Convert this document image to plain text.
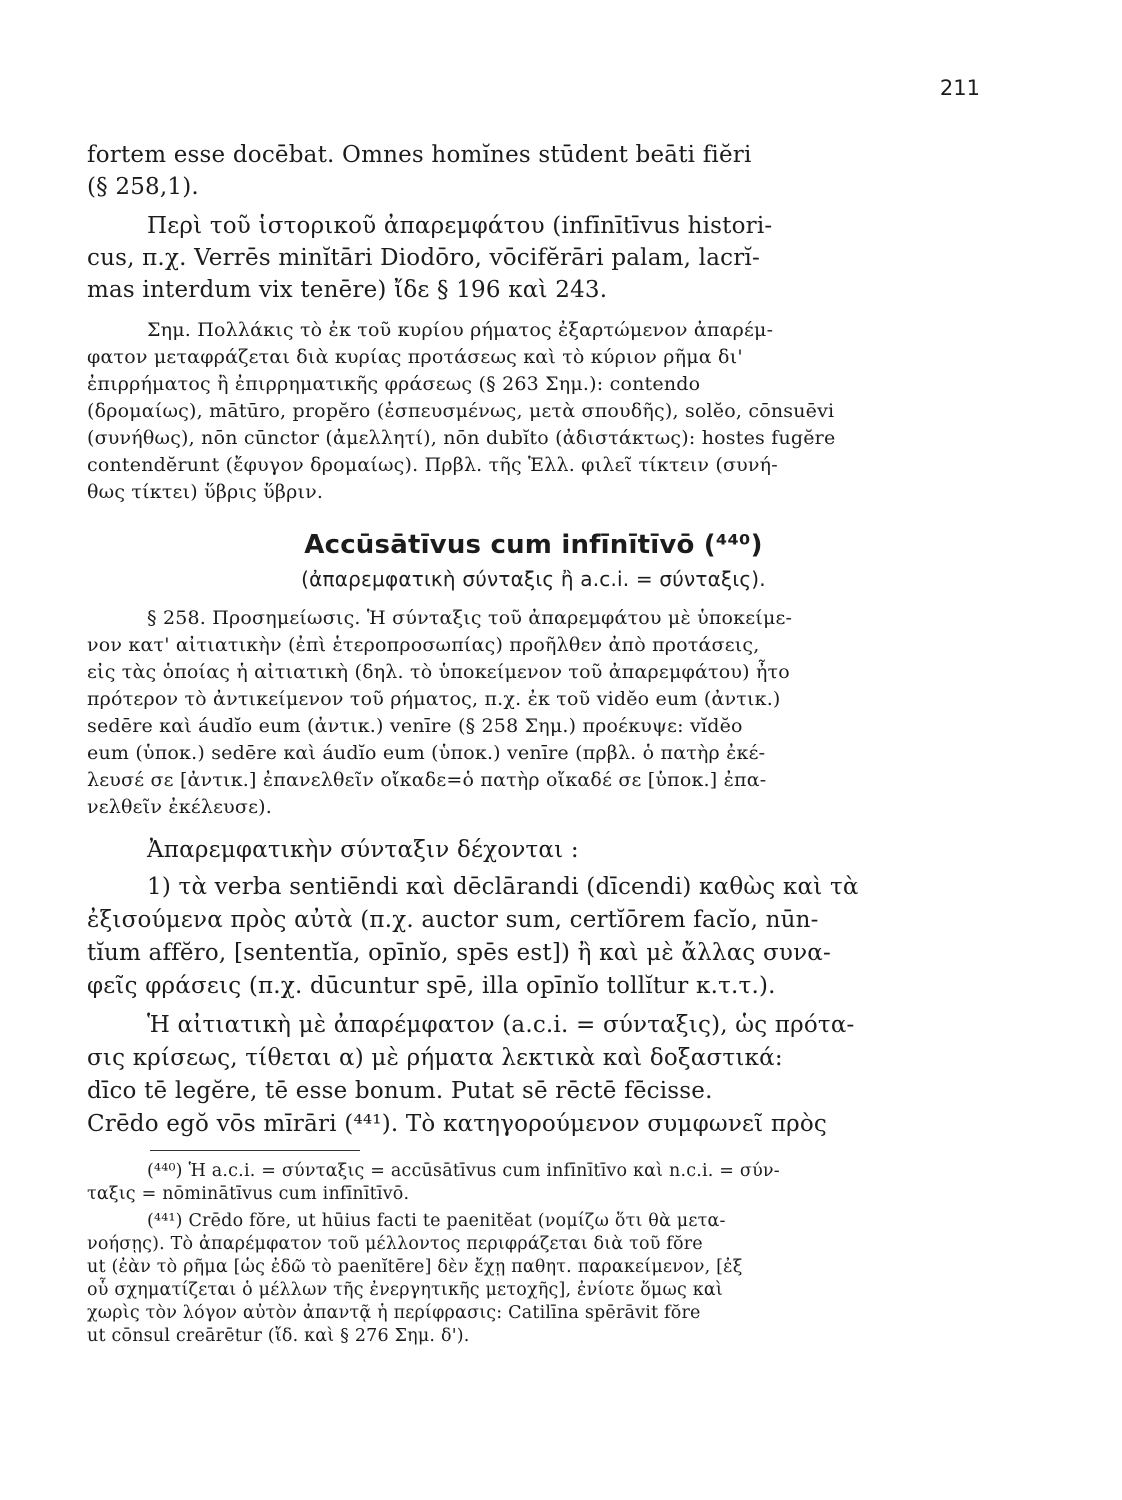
211
fortem esse docēbat. Omnes homĭnes stūdent beāti fiĕri
(§ 258,1).
Περὶ τοῦ ἱστορικοῦ ἀπαρεμφάτου (infīnītīvus histori-
cus, π.χ. Verrēs minĭtāri Diodōro, vōcifĕrāri palam, lacrĭ-
mas interdum vix tenēre) ἴδε § 196 καὶ 243.
Σημ. Πολλάκις τὸ ἐκ τοῦ κυρίου ρήματος ἐξαρτώμενον ἀπαρέμ-
φατον μεταφράζεται διὰ κυρίας προτάσεως καὶ τὸ κύριον ρῆμα δι'
ἐπιρρήματος ἢ ἐπιρρηματικῆς φράσεως (§ 263 Σημ.): contendo
(δρομαίως), mātūro, propĕro (ἐσπευσμένως, μετὰ σπουδῆς), solĕo, cōnsuēvi
(συνήθως), nōn cūnctor (ἀμελλητί), nōn dubĭto (ἀδιστάκτως): hostes fugĕre
contendĕrunt (ἔφυγον δρομαίως). Πρβλ. τῆς Ἑλλ. φιλεῖ τίκτειν (συνή-
θως τίκτει) ὕβρις ὕβριν.
Accūsātīvus cum infīnītīvō (⁴⁴⁰)
(ἀπαρεμφατικὴ σύνταξις ἢ a.c.i. = σύνταξις).
§ 258. Προσημείωσις. Ἡ σύνταξις τοῦ ἀπαρεμφάτου μὲ ὑποκείμε-
νον κατ' αἰτιατικὴν (ἐπὶ ἑτεροπροσωπίας) προῆλθεν ἀπὸ προτάσεις,
εἰς τὰς ὁποίας ἡ αἰτιατικὴ (δηλ. τὸ ὑποκείμενον τοῦ ἀπαρεμφάτου) ἦτο
πρότερον τὸ ἀντικείμενον τοῦ ρήματος, π.χ. ἐκ τοῦ vidĕo eum (ἀντικ.)
sedēre καὶ áudĭo eum (ἀντικ.) venīre (§ 258 Σημ.) προέκυψε: vĭdĕo
eum (ὑποκ.) sedēre καὶ áudĭo eum (ὑποκ.) venīre (πρβλ. ὁ πατὴρ ἐκέ-
λευσέ σε [ἀντικ.] ἐπανελθεῖν οἴκαδε=ὁ πατὴρ οἴκαδέ σε [ὑποκ.] ἐπα-
νελθεῖν ἐκέλευσε).
Ἀπαρεμφατικὴν σύνταξιν δέχονται :
1) τὰ verba sentiēndi καὶ dēclārandi (dīcendi) καθὼς καὶ τὰ
ἐξισούμενα πρὸς αὐτὰ (π.χ. auctor sum, certĭōrem facĭo, nūn-
tĭum affĕro, [sententĭa, opīnĭo, spēs est]) ἢ καὶ μὲ ἄλλας συνα-
φεῖς φράσεις (π.χ. dūcuntur spē, illa opīnĭo tollĭtur κ.τ.τ.).
Ἡ αἰτιατικὴ μὲ ἀπαρέμφατον (a.c.i. = σύνταξις), ὡς πρότα-
σις κρίσεως, τίθεται α) μὲ ρήματα λεκτικὰ καὶ δοξαστικά:
dīco tē legĕre, tē esse bonum. Putat sē rēctē fēcisse.
Crēdo egŏ vōs mīrāri (⁴⁴¹). Τὸ κατηγορούμενον συμφωνεῖ πρὸς
(⁴⁴⁰) Ἡ a.c.i. = σύνταξις = accūsātīvus cum infīnītīvo καὶ n.c.i. = σύν-
ταξις = nōminātīvus cum infīnītīvō.
(⁴⁴¹) Crēdo fŏre, ut hūius facti te paenitĕat (νομίζω ὅτι θὰ μετα-
νοήσῃς). Τὸ ἀπαρέμφατον τοῦ μέλλοντος περιφράζεται διὰ τοῦ fŏre
ut (ἐὰν τὸ ρῆμα [ὡς ἐδῶ τὸ paenĭtēre] δὲν ἔχῃ παθητ. παρακείμενον, [ἐξ
οὗ σχηματίζεται ὁ μέλλων τῆς ἐνεργητικῆς μετοχῆς], ἐνίοτε ὅμως καὶ
χωρὶς τὸν λόγον αὐτὸν ἀπαντᾷ ἡ περίφρασις: Catilīna spērāvit fŏre
ut cōnsul creārētur (ἴδ. καὶ § 276 Σημ. δ').
